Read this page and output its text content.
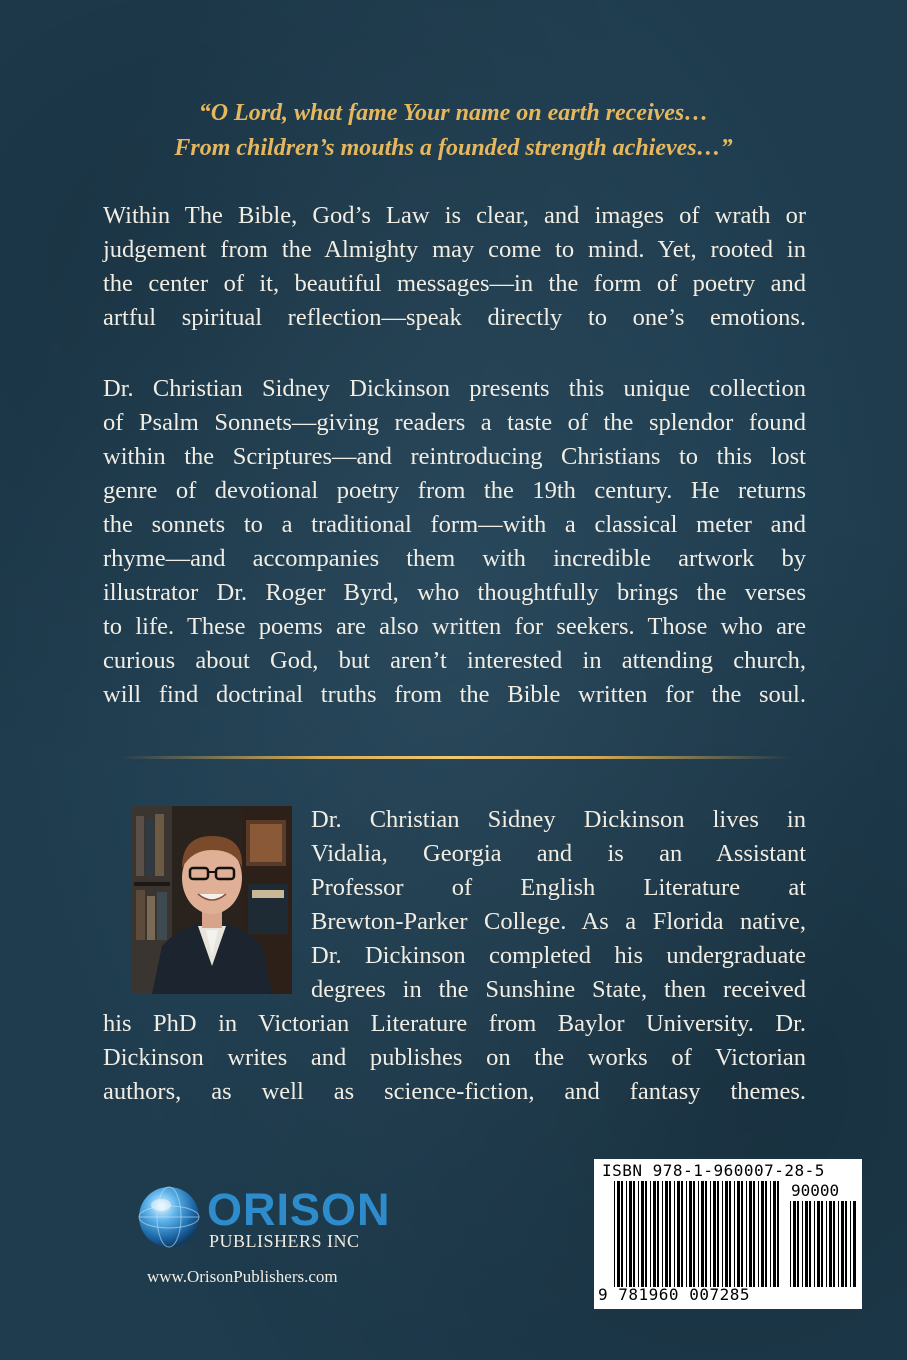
“O Lord, what fame Your name on earth receives…
From children’s mouths a founded strength achieves…”
Within The Bible, God’s Law is clear, and images of wrath or
judgement from the Almighty may come to mind. Yet, rooted in
the center of it, beautiful messages—in the form of poetry and
artful spiritual reflection—speak directly to one’s emotions.
Dr. Christian Sidney Dickinson presents this unique collection
of Psalm Sonnets—giving readers a taste of the splendor found
within the Scriptures—and reintroducing Christians to this lost
genre of devotional poetry from the 19th century. He returns
the sonnets to a traditional form—with a classical meter and
rhyme—and accompanies them with incredible artwork by
illustrator Dr. Roger Byrd, who thoughtfully brings the verses
to life. These poems are also written for seekers. Those who are
curious about God, but aren’t interested in attending church,
will find doctrinal truths from the Bible written for the soul.
Dr. Christian Sidney Dickinson lives in
Vidalia, Georgia and is an Assistant
Professor of English Literature at
Brewton-Parker College. As a Florida native,
Dr. Dickinson completed his undergraduate
degrees in the Sunshine State, then received
his PhD in Victorian Literature from Baylor University. Dr.
Dickinson writes and publishes on the works of Victorian
authors, as well as science-fiction, and fantasy themes.
ORISON
PUBLISHERS INC
www.OrisonPublishers.com
ISBN 978-1-960007-28-5
90000
9 781960 007285
